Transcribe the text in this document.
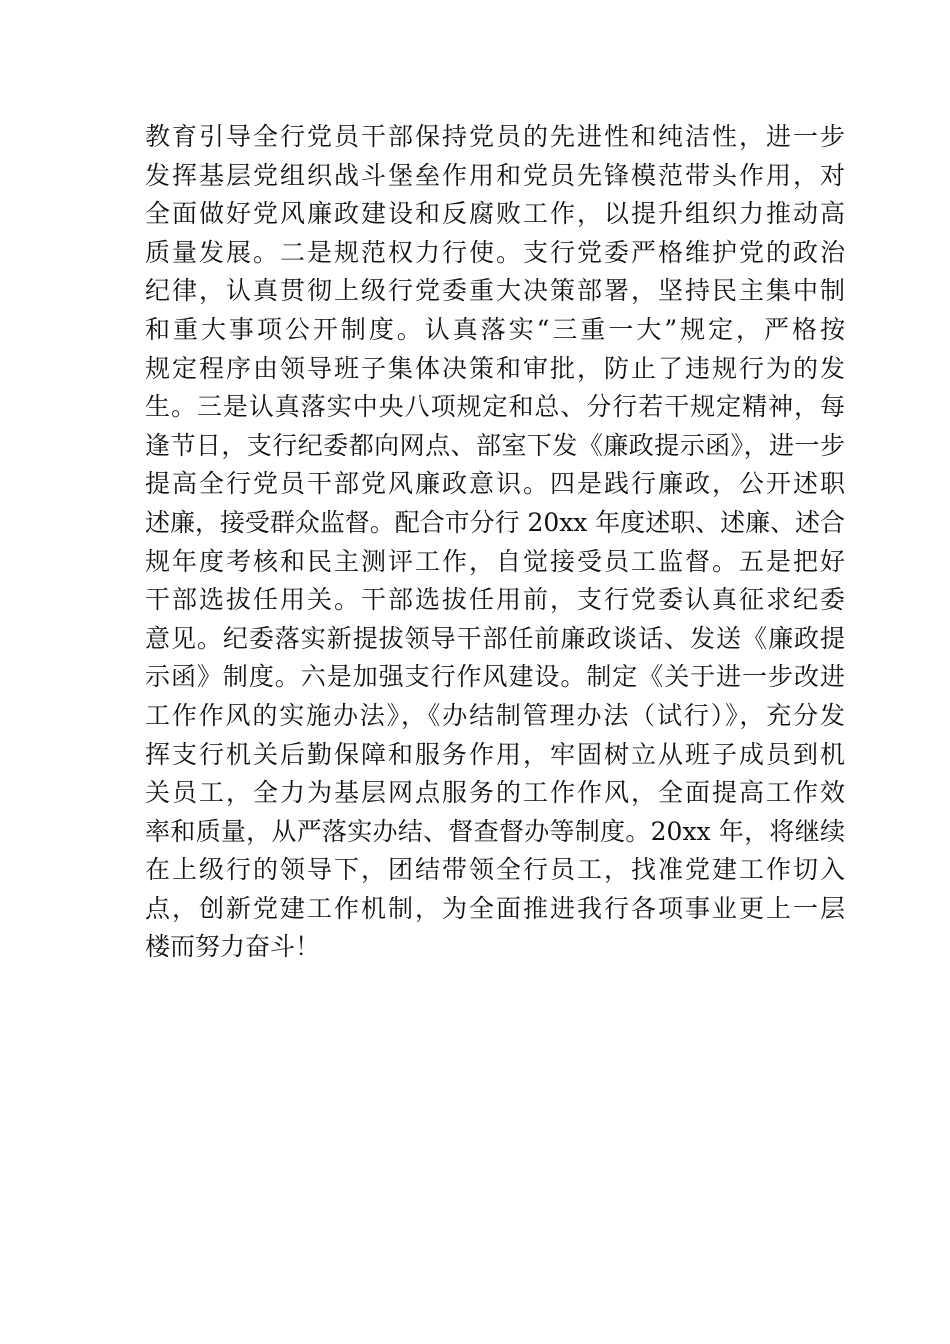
教育引导全行党员干部保持党员的先进性和纯洁性，进一步
发挥基层党组织战斗堡垒作用和党员先锋模范带头作用，对
全面做好党风廉政建设和反腐败工作，以提升组织力推动高
质量发展。二是规范权力行使。支行党委严格维护党的政治
纪律，认真贯彻上级行党委重大决策部署，坚持民主集中制
和重大事项公开制度。认真落实“三重一大”规定，严格按
规定程序由领导班子集体决策和审批，防止了违规行为的发
生。三是认真落实中央八项规定和总、分行若干规定精神，每
逢节日，支行纪委都向网点、部室下发《廉政提示函》，进一步
提高全行党员干部党风廉政意识。四是践行廉政，公开述职
述廉，接受群众监督。配合市分行 20xx 年度述职、述廉、述合
规年度考核和民主测评工作，自觉接受员工监督。五是把好
干部选拔任用关。干部选拔任用前，支行党委认真征求纪委
意见。纪委落实新提拔领导干部任前廉政谈话、发送《廉政提
示函》制度。六是加强支行作风建设。制定《关于进一步改进
工作作风的实施办法》，《办结制管理办法（试行）》，充分发
挥支行机关后勤保障和服务作用，牢固树立从班子成员到机
关员工，全力为基层网点服务的工作作风，全面提高工作效
率和质量，从严落实办结、督查督办等制度。20xx 年，将继续
在上级行的领导下，团结带领全行员工，找准党建工作切入
点，创新党建工作机制，为全面推进我行各项事业更上一层
楼而努力奋斗！
